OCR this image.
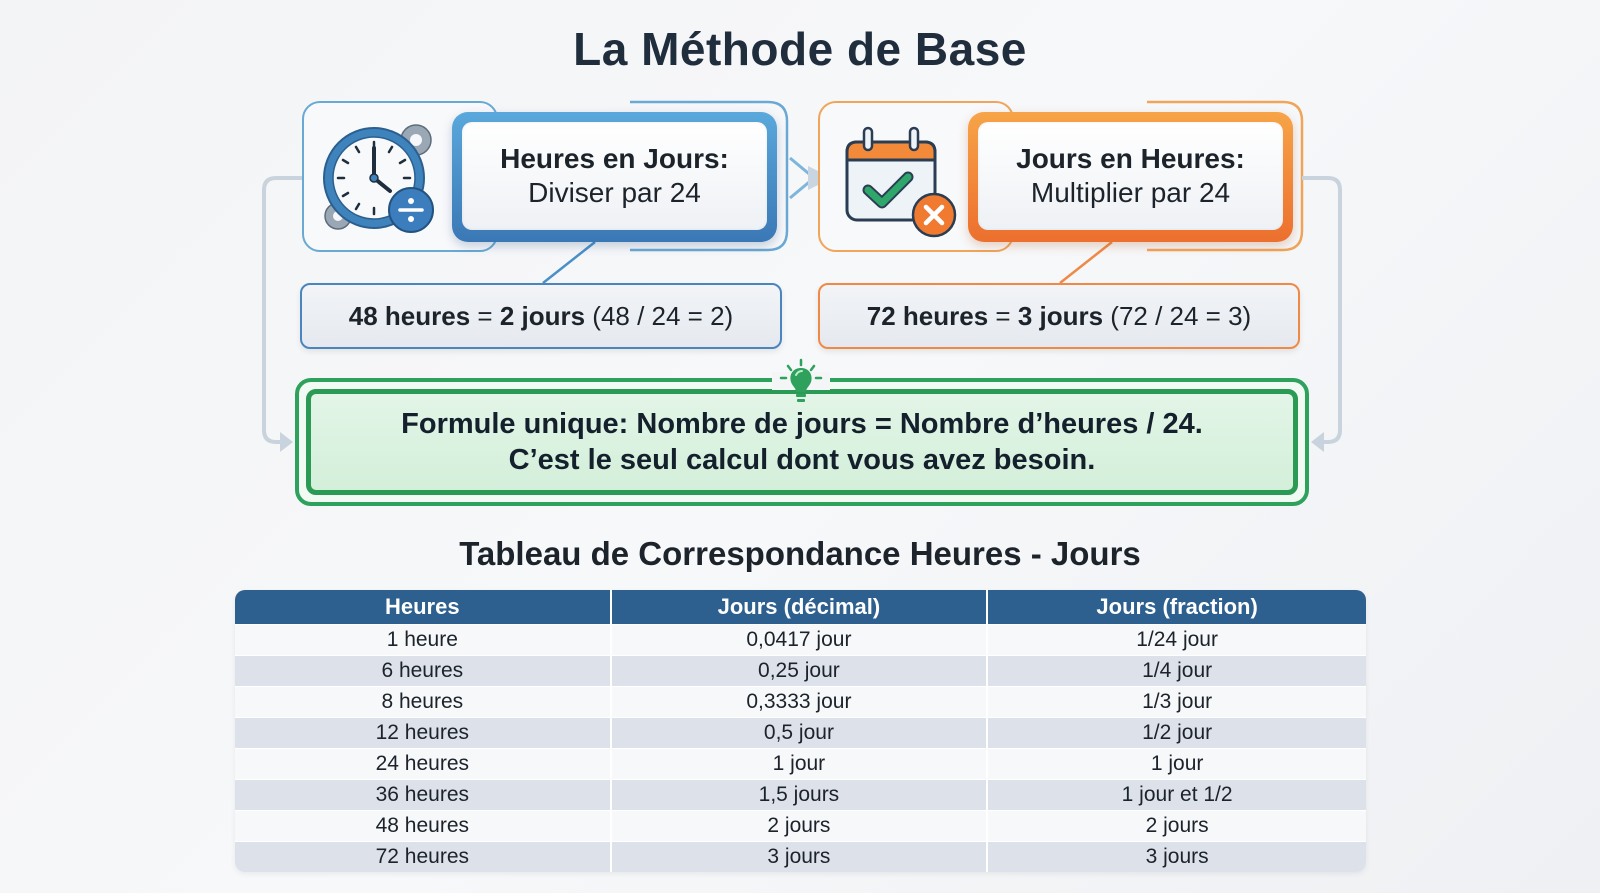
La Méthode de Base
Heures en Jours:
Diviser par 24
48 heures = 2 jours (48 / 24 = 2)
Jours en Heures:
Multiplier par 24
72 heures = 3 jours (72 / 24 = 3)
Formule unique: Nombre de jours = Nombre d’heures / 24.
C’est le seul calcul dont vous avez besoin.
Tableau de Correspondance Heures - Jours
Heures	Jours (décimal)	Jours (fraction)
1 heure	0,0417 jour	1/24 jour
6 heures	0,25 jour	1/4 jour
8 heures	0,3333 jour	1/3 jour
12 heures	0,5 jour	1/2 jour
24 heures	1 jour	1 jour
36 heures	1,5 jours	1 jour et 1/2
48 heures	2 jours	2 jours
72 heures	3 jours	3 jours
